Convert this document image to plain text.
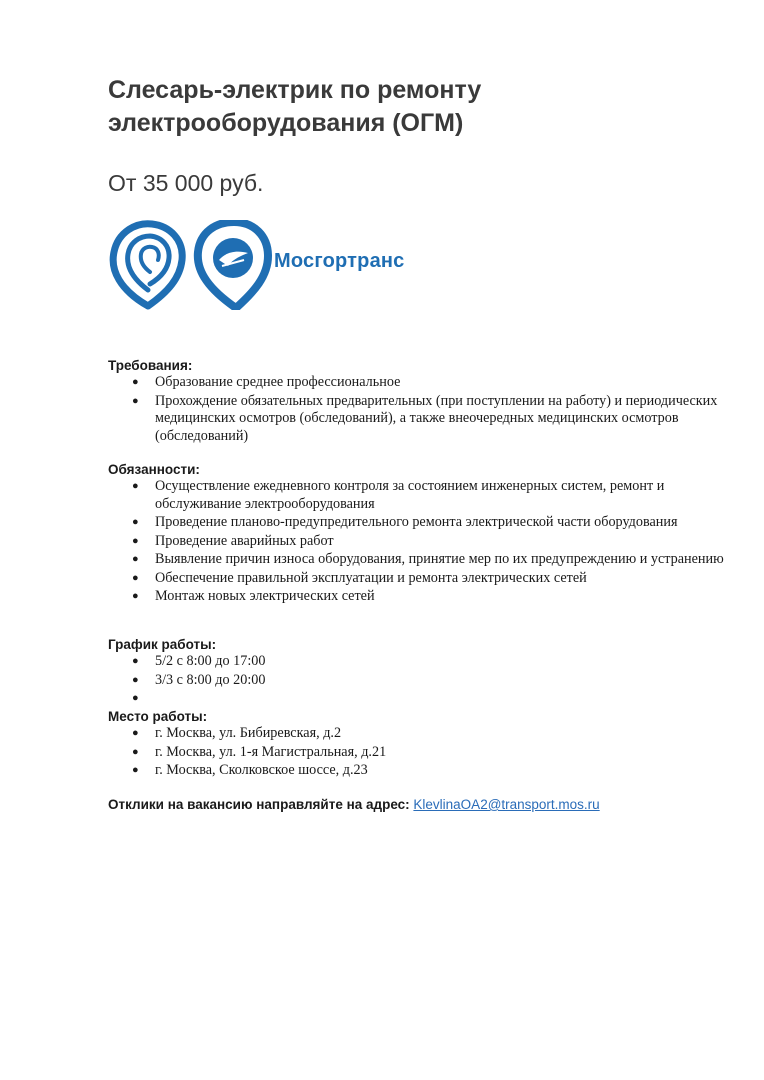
Слесарь-электрик по ремонту
электрооборудования (ОГМ)

От 35 000 руб.

Мосгортранс
Требования:
● Образование среднее профессиональное
● Прохождение обязательных предварительных (при поступлении на работу) и периодических медицинских осмотров (обследований), а также внеочередных медицинских осмотров (обследований)
Обязанности:
● Осуществление ежедневного контроля за состоянием инженерных систем, ремонт и обслуживание электрооборудования
● Проведение планово-предупредительного ремонта электрической части оборудования
● Проведение аварийных работ
● Выявление причин износа оборудования, принятие мер по их предупреждению и устранению
● Обеспечение правильной эксплуатации и ремонта электрических сетей
● Монтаж новых электрических сетей
График работы:
● 5/2 с 8:00 до 17:00
● 3/3 с 8:00 до 20:00
●
Место работы:
● г. Москва, ул. Бибиревская, д.2
● г. Москва, ул. 1-я Магистральная, д.21
● г. Москва, Сколковское шоссе, д.23
Отклики на вакансию направляйте на адрес: KlevlinaOA2@transport.mos.ru
